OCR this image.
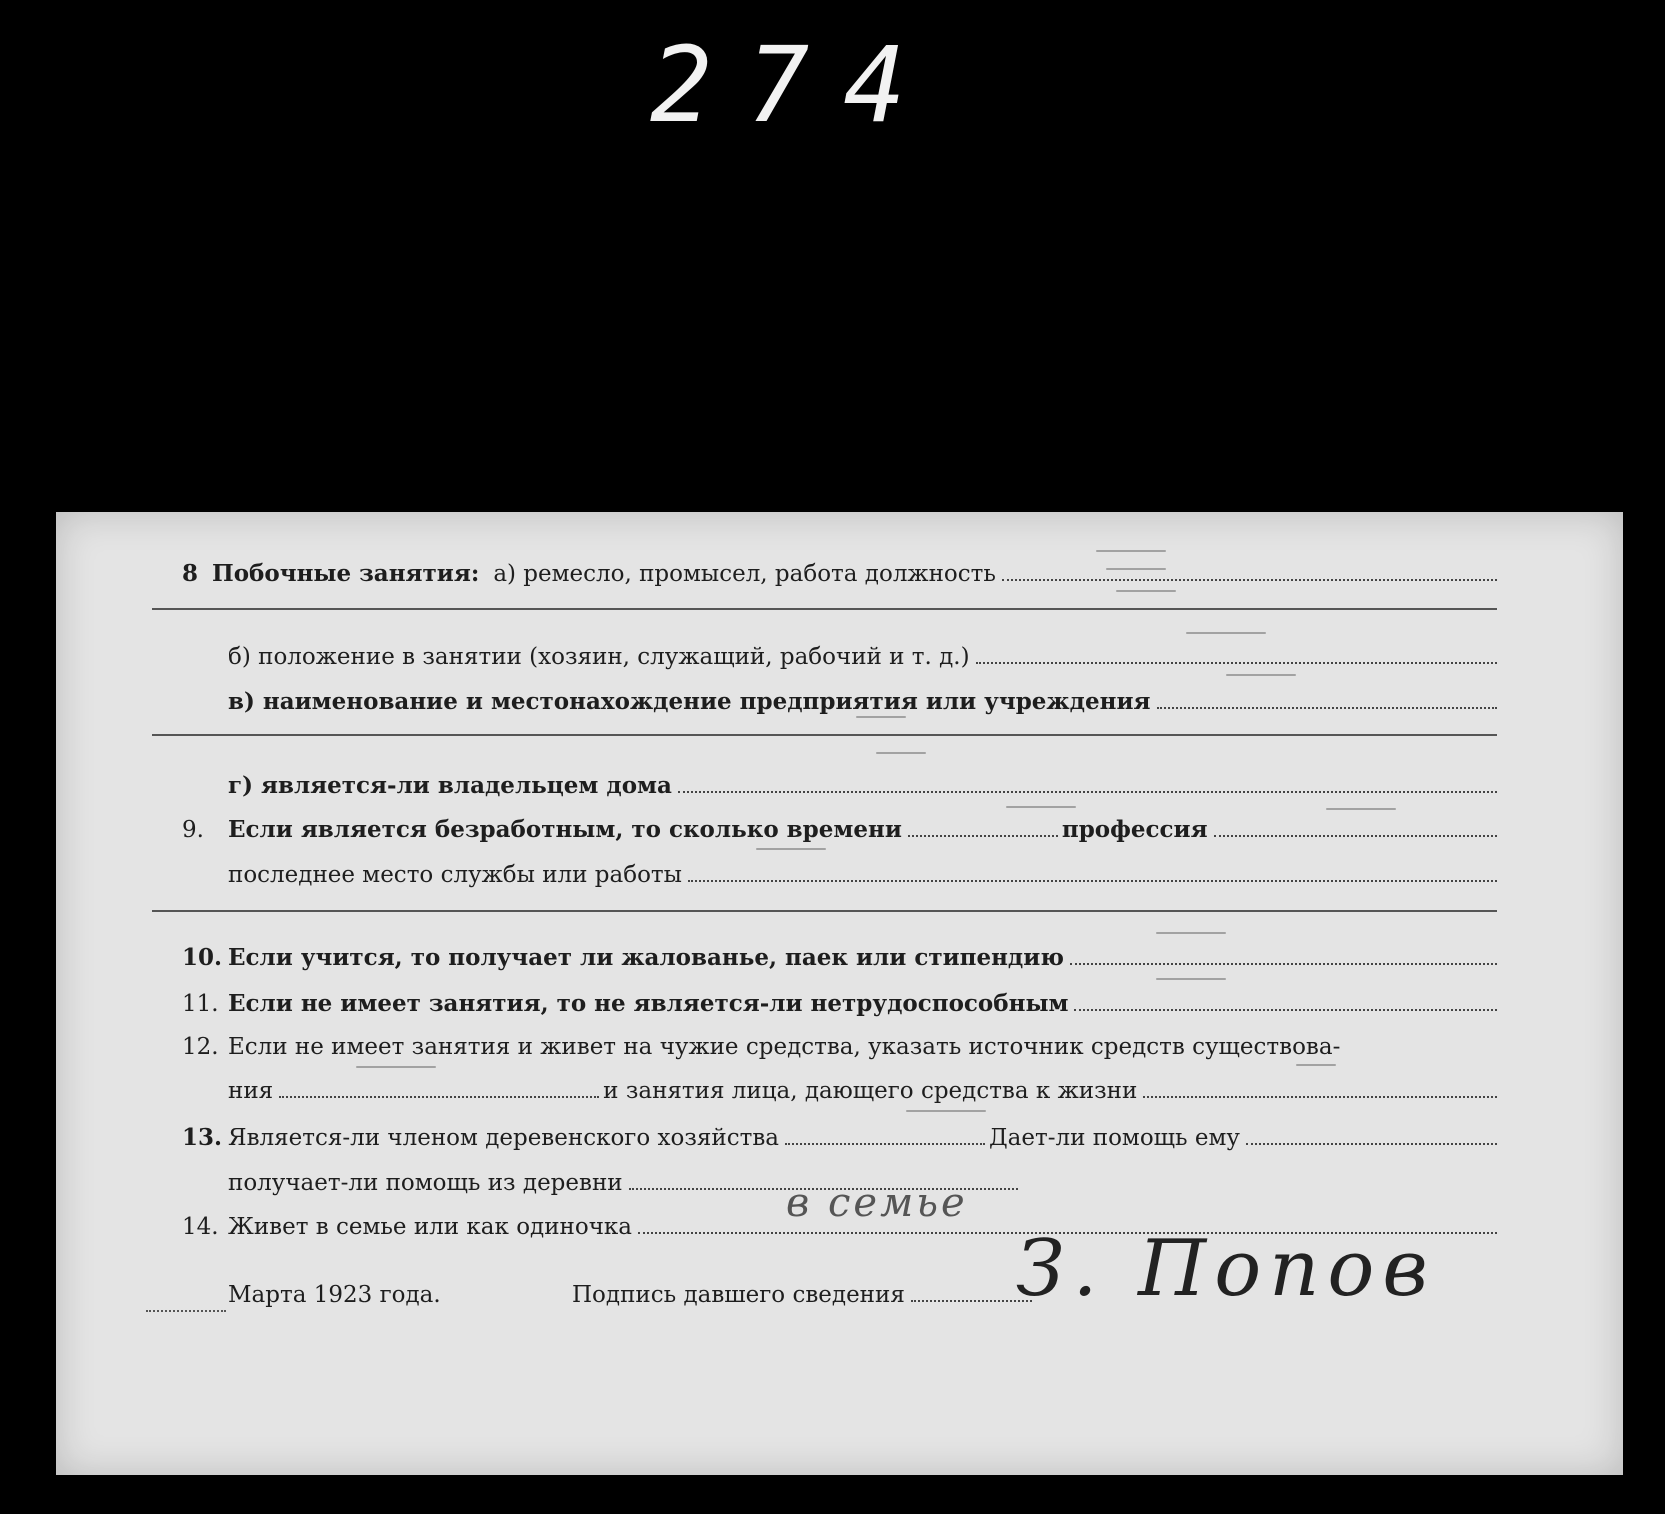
274
8 Побочные занятия: а) ремесло, промысел, работа должность
б) положение в занятии (хозяин, служащий, рабочий и т. д.)
в) наименование и местонахождение предприятия или учреждения
г) является-ли владельцем дома
9.	Если является безработным, то сколько времени	профессия
последнее место службы или работы
10. Если учится, то получает ли жалованье, паек или стипендию
11. Если не имеет занятия, то не является-ли нетрудоспособным
12. Если не имеет занятия и живет на чужие средства, указать источник средств существова-
ния	и занятия лица, дающего средства к жизни
13. Является-ли членом деревенского хозяйства	Дает-ли помощь ему
получает-ли помощь из деревни
14. Живет в семье или как одиночка
в семье
Марта 1923 года.	Подпись давшего сведения З. Попов
